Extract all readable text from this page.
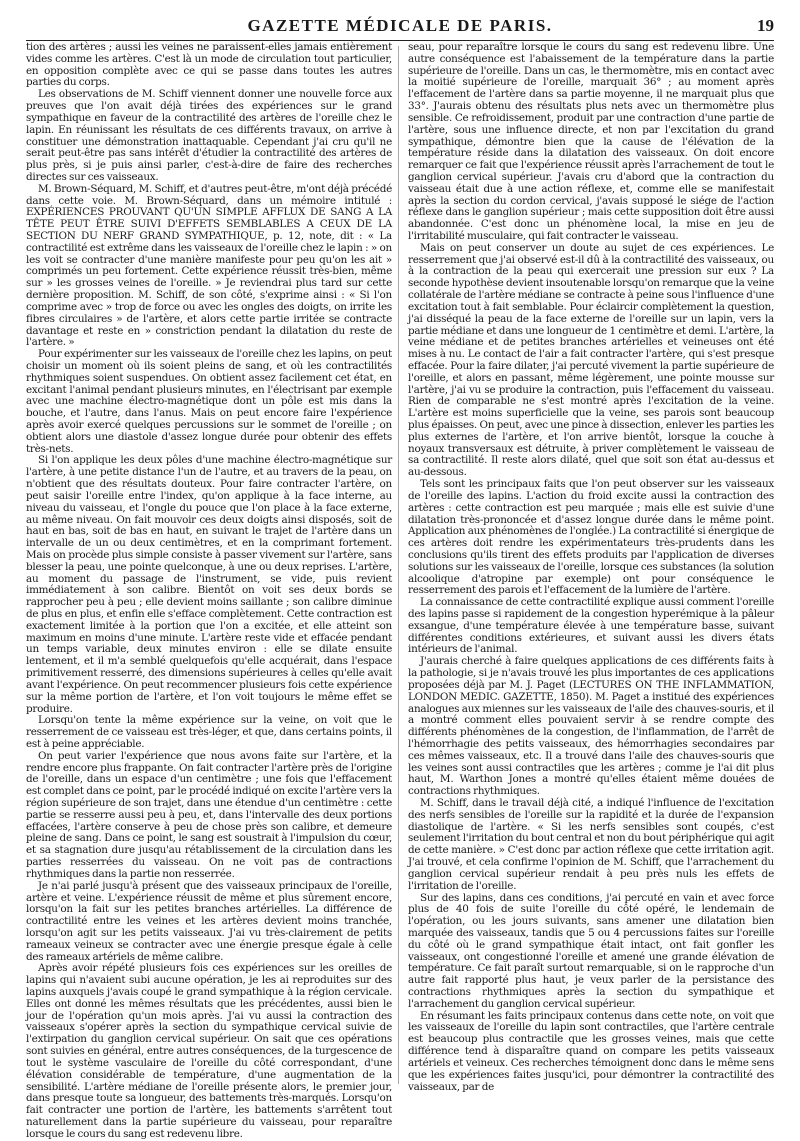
GAZETTE MÉDICALE DE PARIS.	19

tion des artères ; aussi les veines ne paraissent-elles jamais entièrement vides comme les artères. C'est là un mode de circulation tout particulier, en opposition complète avec ce qui se passe dans toutes les autres parties du corps.

Les observations de M. Schiff viennent donner une nouvelle force aux preuves que l'on avait déjà tirées des expériences sur le grand sympathique en faveur de la contractilité des artères de l'oreille chez le lapin. En réunissant les résultats de ces différents travaux, on arrive à constituer une démonstration inattaquable. Cependant j'ai cru qu'il ne serait peut-être pas sans intérêt d'étudier la contractilité des artères de plus près, si je puis ainsi parler, c'est-à-dire de faire des recherches directes sur ces vaisseaux.

M. Brown-Séquard, M. Schiff, et d'autres peut-être, m'ont déjà précédé dans cette voie. M. Brown-Séquard, dans un mémoire intitulé : EXPÉRIENCES PROUVANT QU'UN SIMPLE AFFLUX DE SANG A LA TÊTE PEUT ÊTRE SUIVI D'EFFETS SEMBLABLES A CEUX DE LA SECTION DU NERF GRAND SYMPATHIQUE, p. 12, note, dit : « La contractilité est extrême dans les vaisseaux de l'oreille chez le lapin : » on les voit se contracter d'une manière manifeste pour peu qu'on les ait » comprimés un peu fortement. Cette expérience réussit très-bien, même sur » les grosses veines de l'oreille. » Je reviendrai plus tard sur cette dernière proposition. M. Schiff, de son côté, s'exprime ainsi : « Si l'on comprime avec » trop de force ou avec les ongles des doigts, on irrite les fibres circulaires » de l'artère, et alors cette partie irritée se contracte davantage et reste en » constriction pendant la dilatation du reste de l'artère. »

Pour expérimenter sur les vaisseaux de l'oreille chez les lapins, on peut choisir un moment où ils soient pleins de sang, et où les contractilités rhythmiques soient suspendues. On obtient assez facilement cet état, en excitant l'animal pendant plusieurs minutes, en l'électrisant par exemple avec une machine électro-magnétique dont un pôle est mis dans la bouche, et l'autre, dans l'anus. Mais on peut encore faire l'expérience après avoir exercé quelques percussions sur le sommet de l'oreille ; on obtient alors une diastole d'assez longue durée pour obtenir des effets très-nets.

Si l'on applique les deux pôles d'une machine électro-magnétique sur l'artère, à une petite distance l'un de l'autre, et au travers de la peau, on n'obtient que des résultats douteux. Pour faire contracter l'artère, on peut saisir l'oreille entre l'index, qu'on applique à la face interne, au niveau du vaisseau, et l'ongle du pouce que l'on place à la face externe, au même niveau. On fait mouvoir ces deux doigts ainsi disposés, soit de haut en bas, soit de bas en haut, en suivant le trajet de l'artère dans un intervalle de un ou deux centimètres, et en la comprimant fortement. Mais on procède plus simple consiste à passer vivement sur l'artère, sans blesser la peau, une pointe quelconque, à une ou deux reprises. L'artère, au moment du passage de l'instrument, se vide, puis revient immédiatement à son calibre. Bientôt on voit ses deux bords se rapprocher peu à peu ; elle devient moins saillante ; son calibre diminue de plus en plus, et enfin elle s'efface complètement. Cette contraction est exactement limitée à la portion que l'on a excitée, et elle atteint son maximum en moins d'une minute. L'artère reste vide et effacée pendant un temps variable, deux minutes environ : elle se dilate ensuite lentement, et il m'a semblé quelquefois qu'elle acquérait, dans l'espace primitivement resserré, des dimensions supérieures à celles qu'elle avait avant l'expérience. On peut recommencer plusieurs fois cette expérience sur la même portion de l'artère, et l'on voit toujours le même effet se produire.

Lorsqu'on tente la même expérience sur la veine, on voit que le resserrement de ce vaisseau est très-léger, et que, dans certains points, il est à peine appréciable.

On peut varier l'expérience que nous avons faite sur l'artère, et la rendre encore plus frappante. On fait contracter l'artère près de l'origine de l'oreille, dans un espace d'un centimètre ; une fois que l'effacement est complet dans ce point, par le procédé indiqué on excite l'artère vers la région supérieure de son trajet, dans une étendue d'un centimètre : cette partie se resserre aussi peu à peu, et, dans l'intervalle des deux portions effacées, l'artère conserve à peu de chose près son calibre, et demeure pleine de sang. Dans ce point, le sang est soustrait à l'impulsion du cœur, et sa stagnation dure jusqu'au rétablissement de la circulation dans les parties resserrées du vaisseau. On ne voit pas de contractions rhythmiques dans la partie non resserrée.

Je n'ai parlé jusqu'à présent que des vaisseaux principaux de l'oreille, artère et veine. L'expérience réussit de même et plus sûrement encore, lorsqu'on la fait sur les petites branches artérielles. La différence de contractilité entre les veines et les artères devient moins tranchée, lorsqu'on agit sur les petits vaisseaux. J'ai vu très-clairement de petits rameaux veineux se contracter avec une énergie presque égale à celle des rameaux artériels de même calibre.

Après avoir répété plusieurs fois ces expériences sur les oreilles de lapins qui n'avaient subi aucune opération, je les ai reproduites sur des lapins auxquels j'avais coupé le grand sympathique à la région cervicale. Elles ont donné les mêmes résultats que les précédentes, aussi bien le jour de l'opération qu'un mois après. J'ai vu aussi la contraction des vaisseaux s'opérer après la section du sympathique cervical suivie de l'extirpation du ganglion cervical supérieur. On sait que ces opérations sont suivies en général, entre autres conséquences, de la turgescence de tout le système vasculaire de l'oreille du côté correspondant, d'une élévation considérable de température, d'une augmentation de la sensibilité. L'artère médiane de l'oreille présente alors, le premier jour, dans presque toute sa longueur, des battements très-marqués. Lorsqu'on fait contracter une portion de l'artère, les battements s'arrêtent tout naturellement dans la partie supérieure du vaisseau, pour reparaître lorsque le cours du sang est redevenu libre.

seau, pour reparaître lorsque le cours du sang est redevenu libre. Une autre conséquence est l'abaissement de la température dans la partie supérieure de l'oreille. Dans un cas, le thermomètre, mis en contact avec la moitié supérieure de l'oreille, marquait 36° ; au moment après l'effacement de l'artère dans sa partie moyenne, il ne marquait plus que 33°. J'aurais obtenu des résultats plus nets avec un thermomètre plus sensible. Ce refroidissement, produit par une contraction d'une partie de l'artère, sous une influence directe, et non par l'excitation du grand sympathique, démontre bien que la cause de l'élévation de la température réside dans la dilatation des vaisseaux. On doit encore remarquer ce fait que l'expérience réussit après l'arrachement de tout le ganglion cervical supérieur. J'avais cru d'abord que la contraction du vaisseau était due à une action réflexe, et, comme elle se manifestait après la section du cordon cervical, j'avais supposé le siége de l'action réflexe dans le ganglion supérieur ; mais cette supposition doit être aussi abandonnée. C'est donc un phénomène local, la mise en jeu de l'irritabilité musculaire, qui fait contracter le vaisseau.

Mais on peut conserver un doute au sujet de ces expériences. Le resserrement que j'ai observé est-il dû à la contractilité des vaisseaux, ou à la contraction de la peau qui exercerait une pression sur eux ? La seconde hypothèse devient insoutenable lorsqu'on remarque que la veine collatérale de l'artère médiane se contracte à peine sous l'influence d'une excitation tout à fait semblable. Pour éclaircir complètement la question, j'ai disséqué la peau de la face externe de l'oreille sur un lapin, vers la partie médiane et dans une longueur de 1 centimètre et demi. L'artère, la veine médiane et de petites branches artérielles et veineuses ont été mises à nu. Le contact de l'air a fait contracter l'artère, qui s'est presque effacée. Pour la faire dilater, j'ai percuté vivement la partie supérieure de l'oreille, et alors en passant, même légèrement, une pointe mousse sur l'artère, j'ai vu se produire la contraction, puis l'effacement du vaisseau. Rien de comparable ne s'est montré après l'excitation de la veine. L'artère est moins superficielle que la veine, ses parois sont beaucoup plus épaisses. On peut, avec une pince à dissection, enlever les parties les plus externes de l'artère, et l'on arrive bientôt, lorsque la couche à noyaux transversaux est détruite, à priver complètement le vaisseau de sa contractilité. Il reste alors dilaté, quel que soit son état au-dessus et au-dessous.

Tels sont les principaux faits que l'on peut observer sur les vaisseaux de l'oreille des lapins. L'action du froid excite aussi la contraction des artères : cette contraction est peu marquée ; mais elle est suivie d'une dilatation très-prononcée et d'assez longue durée dans le même point. Application aux phénomènes de l'onglée.) La contractilité si énergique de ces artères doit rendre les expérimentateurs très-prudents dans les conclusions qu'ils tirent des effets produits par l'application de diverses solutions sur les vaisseaux de l'oreille, lorsque ces substances (la solution alcoolique d'atropine par exemple) ont pour conséquence le resserrement des parois et l'effacement de la lumière de l'artère.

La connaissance de cette contractilité explique aussi comment l'oreille des lapins passe si rapidement de la congestion hyperémique à la pâleur exsangue, d'une température élevée à une température basse, suivant différentes conditions extérieures, et suivant aussi les divers états intérieurs de l'animal.

J'aurais cherché à faire quelques applications de ces différents faits à la pathologie, si je n'avais trouvé les plus importantes de ces applications proposées déjà par M. J. Paget (LECTURES ON THE INFLAMMATION, LONDON MEDIC. GAZETTE, 1850). M. Paget a institué des expériences analogues aux miennes sur les vaisseaux de l'aile des chauves-souris, et il a montré comment elles pouvaient servir à se rendre compte des différents phénomènes de la congestion, de l'inflammation, de l'arrêt de l'hémorrhagie des petits vaisseaux, des hémorrhagies secondaires par ces mêmes vaisseaux, etc. Il a trouvé dans l'aile des chauves-souris que les veines sont aussi contractiles que les artères ; comme je l'ai dit plus haut, M. Warthon Jones a montré qu'elles étaient même douées de contractions rhythmiques.

M. Schiff, dans le travail déjà cité, a indiqué l'influence de l'excitation des nerfs sensibles de l'oreille sur la rapidité et la durée de l'expansion diastolique de l'artère. « Si les nerfs sensibles sont coupés, c'est seulement l'irritation du bout central et non du bout périphérique qui agit de cette manière. » C'est donc par action réflexe que cette irritation agit. J'ai trouvé, et cela confirme l'opinion de M. Schiff, que l'arrachement du ganglion cervical supérieur rendait à peu près nuls les effets de l'irritation de l'oreille.

Sur des lapins, dans ces conditions, j'ai percuté en vain et avec force plus de 40 fois de suite l'oreille du côté opéré, le lendemain de l'opération, ou les jours suivants, sans amener une dilatation bien marquée des vaisseaux, tandis que 5 ou 4 percussions faites sur l'oreille du côté où le grand sympathique était intact, ont fait gonfler les vaisseaux, ont congestionné l'oreille et amené une grande élévation de température. Ce fait paraît surtout remarquable, si on le rapproche d'un autre fait rapporté plus haut, je veux parler de la persistance des contractions rhythmiques après la section du sympathique et l'arrachement du ganglion cervical supérieur.

En résumant les faits principaux contenus dans cette note, on voit que les vaisseaux de l'oreille du lapin sont contractiles, que l'artère centrale est beaucoup plus contractile que les grosses veines, mais que cette différence tend à disparaître quand on compare les petits vaisseaux artériels et veineux. Ces recherches témoignent donc dans le même sens que les expériences faites jusqu'ici, pour démontrer la contractilité des vaisseaux, par de
